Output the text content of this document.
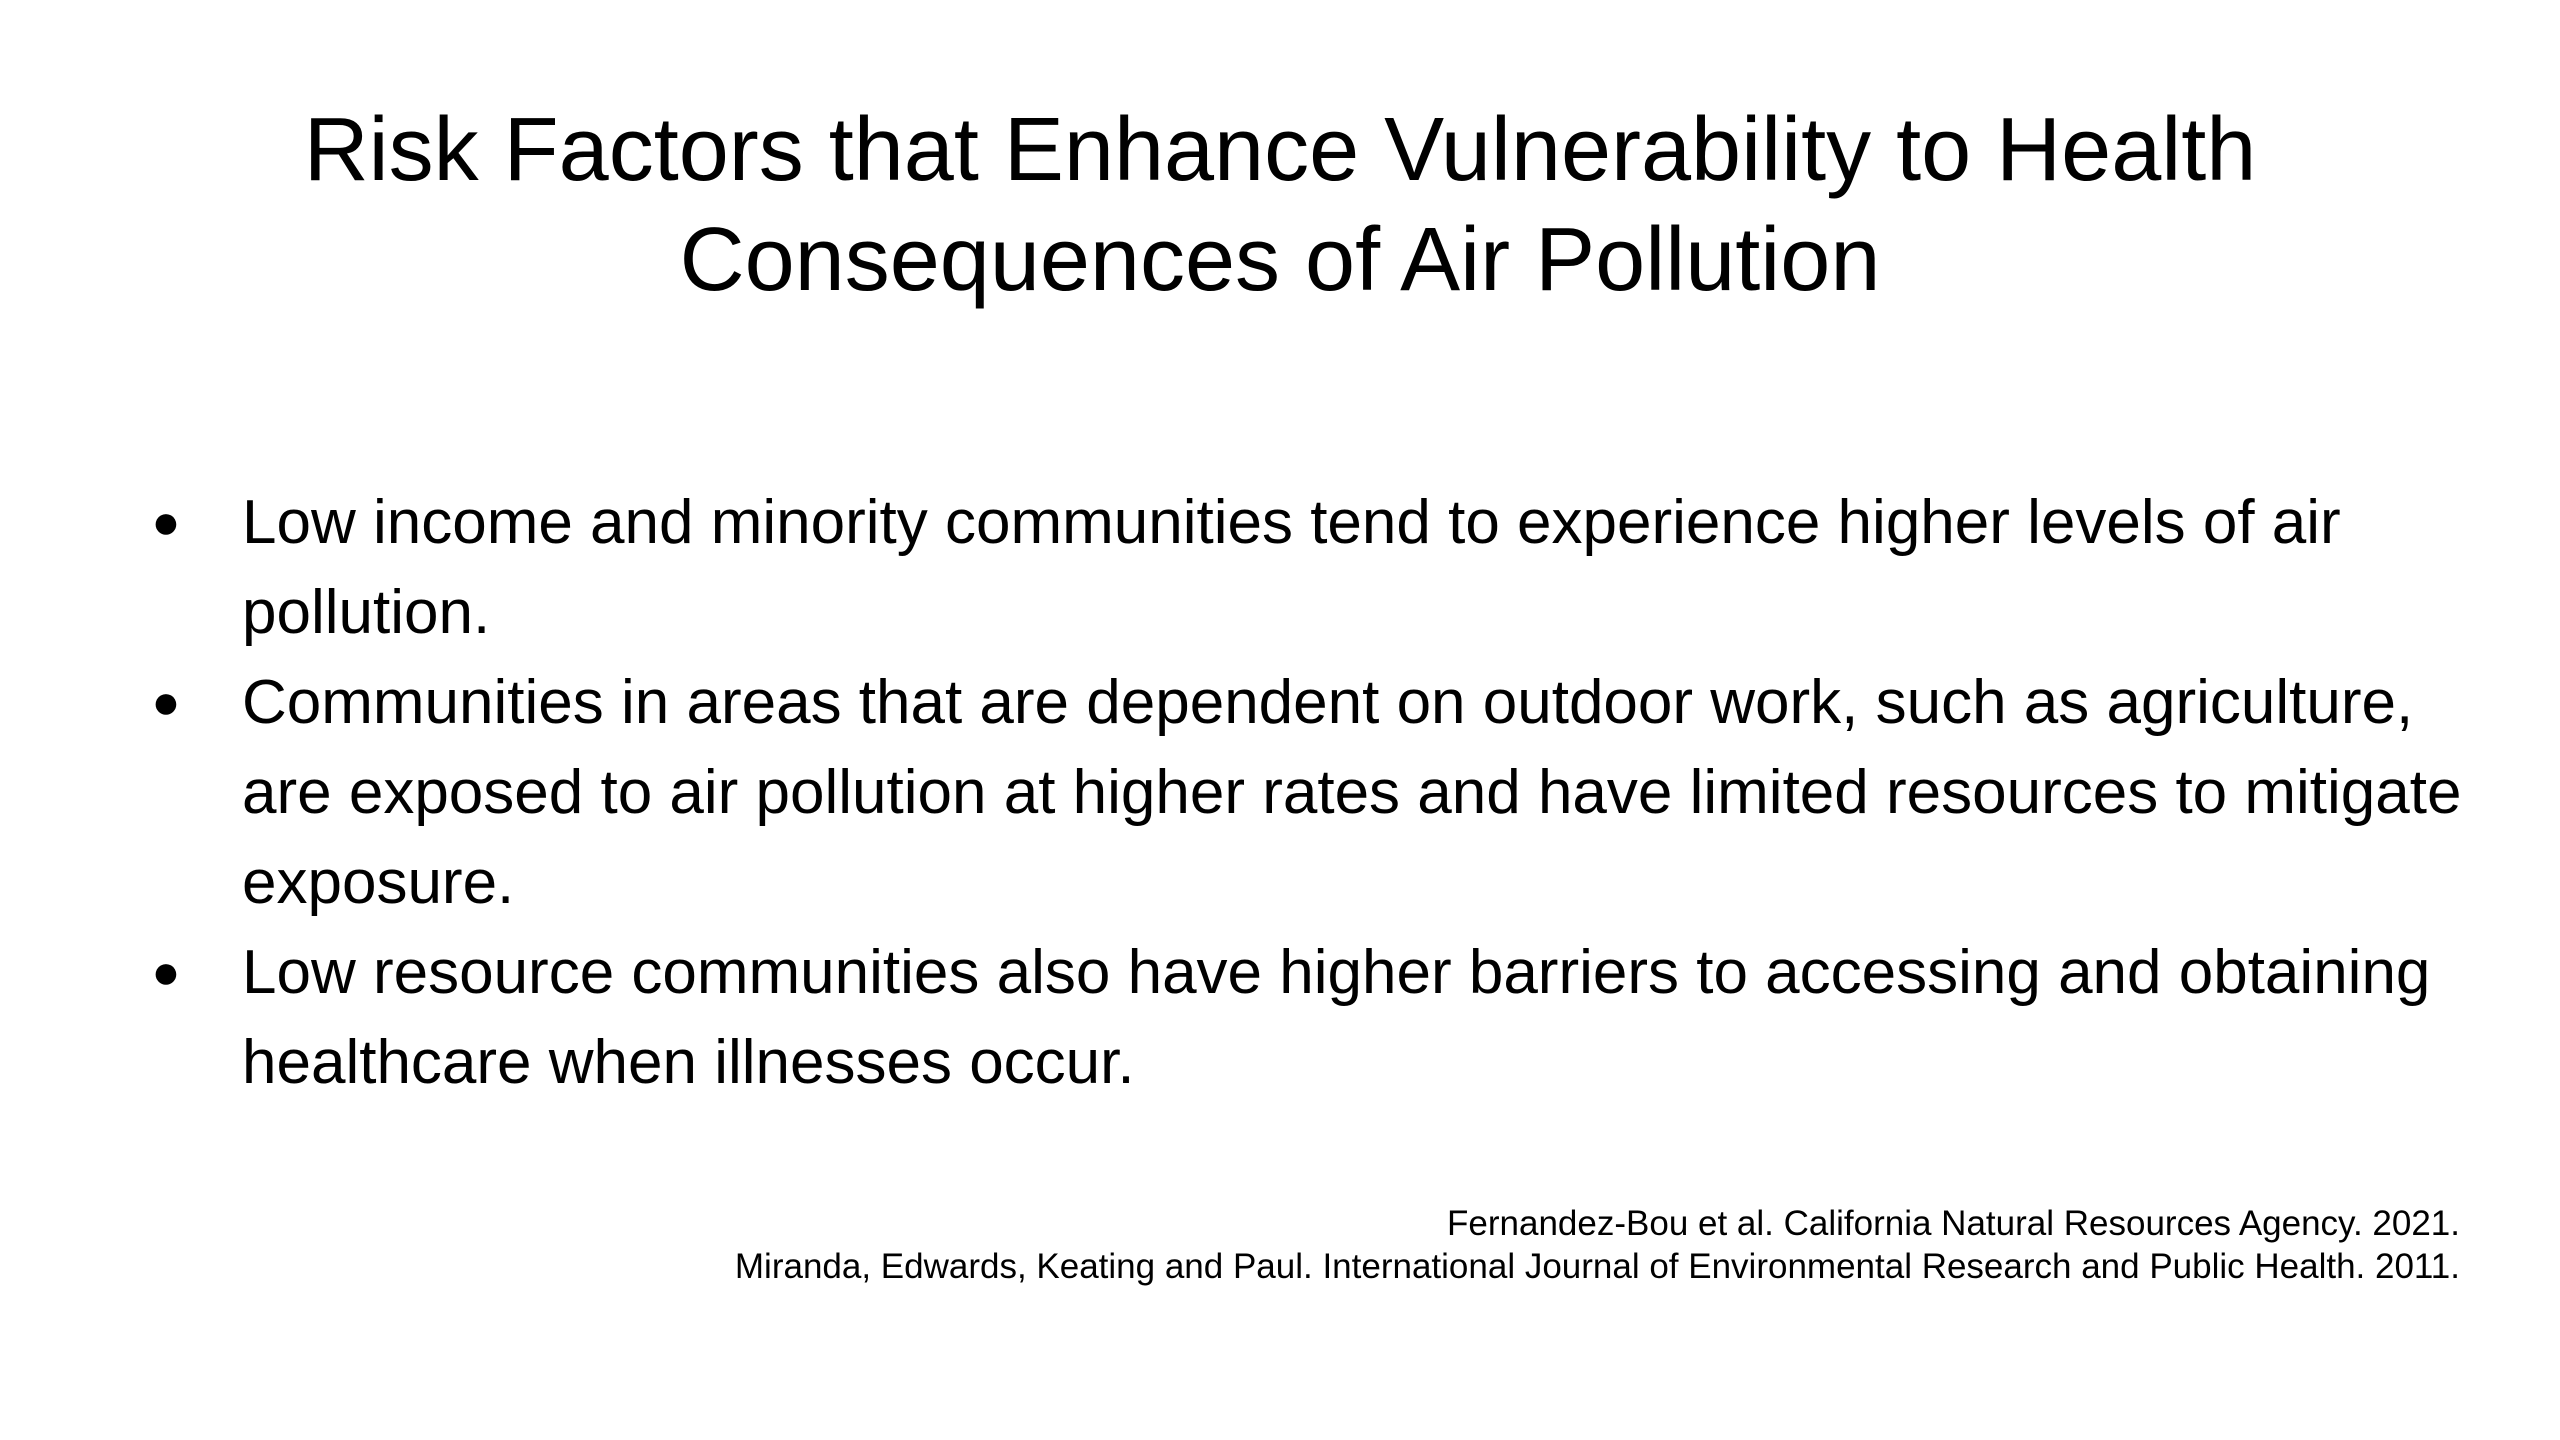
Risk Factors that Enhance Vulnerability to Health
Consequences of Air Pollution
● Low income and minority communities tend to experience higher levels of air pollution.
● Communities in areas that are dependent on outdoor work, such as agriculture, are exposed to air pollution at higher rates and have limited resources to mitigate exposure.
● Low resource communities also have higher barriers to accessing and obtaining healthcare when illnesses occur.
Fernandez-Bou et al. California Natural Resources Agency. 2021.
Miranda, Edwards, Keating and Paul. International Journal of Environmental Research and Public Health. 2011.
